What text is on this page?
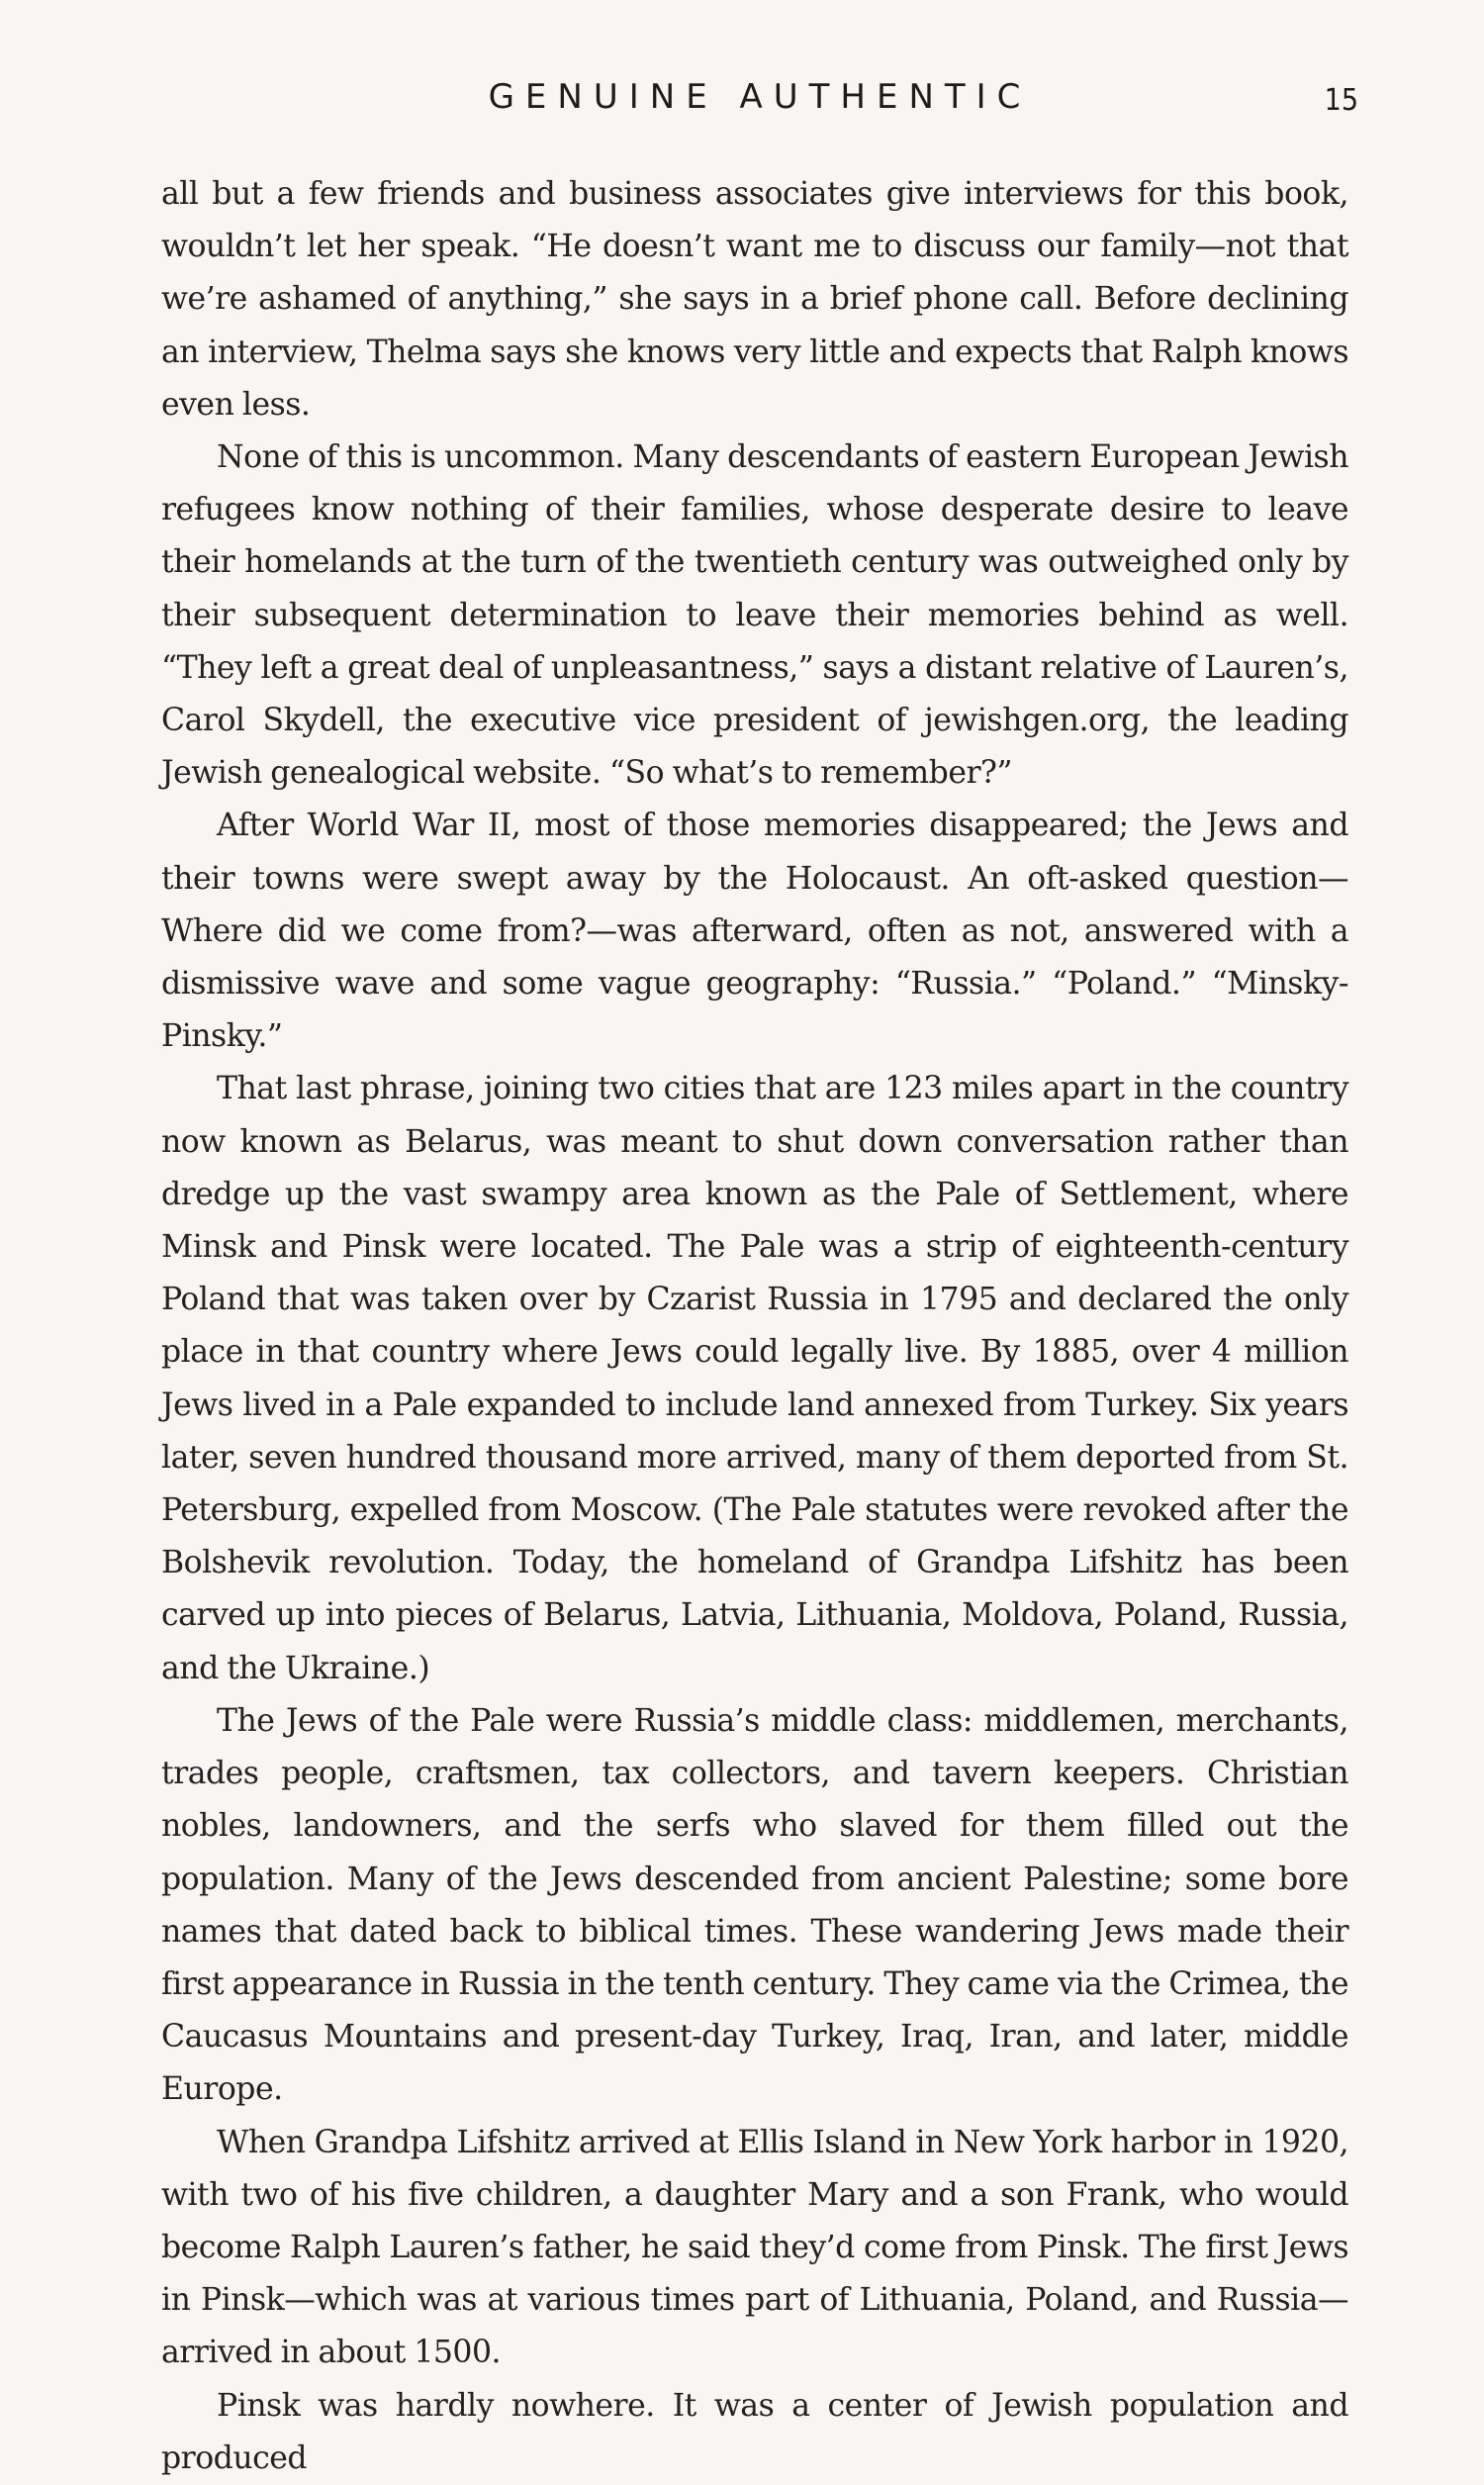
GENUINE AUTHENTIC	15

all but a few friends and business associates give interviews for this book, wouldn’t let her speak. “He doesn’t want me to discuss our family—not that we’re ashamed of anything,” she says in a brief phone call. Before declining an interview, Thelma says she knows very little and expects that Ralph knows even less.

None of this is uncommon. Many descendants of eastern European Jewish refugees know nothing of their families, whose desperate desire to leave their homelands at the turn of the twentieth century was outweighed only by their subsequent determination to leave their memories behind as well. “They left a great deal of unpleasantness,” says a distant relative of Lauren’s, Carol Skydell, the executive vice president of jewishgen.org, the leading Jewish genealogical website. “So what’s to remember?”

After World War II, most of those memories disappeared; the Jews and their towns were swept away by the Holocaust. An oft-asked question—Where did we come from?—was afterward, often as not, answered with a dismissive wave and some vague geography: “Russia.” “Poland.” “Minsky-Pinsky.”

That last phrase, joining two cities that are 123 miles apart in the country now known as Belarus, was meant to shut down conversation rather than dredge up the vast swampy area known as the Pale of Settlement, where Minsk and Pinsk were located. The Pale was a strip of eighteenth-century Poland that was taken over by Czarist Russia in 1795 and declared the only place in that country where Jews could legally live. By 1885, over 4 million Jews lived in a Pale expanded to include land annexed from Turkey. Six years later, seven hundred thousand more arrived, many of them deported from St. Petersburg, expelled from Moscow. (The Pale statutes were revoked after the Bolshevik revolution. Today, the homeland of Grandpa Lifshitz has been carved up into pieces of Belarus, Latvia, Lithuania, Moldova, Poland, Russia, and the Ukraine.)

The Jews of the Pale were Russia’s middle class: middlemen, merchants, trades people, craftsmen, tax collectors, and tavern keepers. Christian nobles, landowners, and the serfs who slaved for them filled out the population. Many of the Jews descended from ancient Palestine; some bore names that dated back to biblical times. These wandering Jews made their first appearance in Russia in the tenth century. They came via the Crimea, the Caucasus Mountains and present-day Turkey, Iraq, Iran, and later, middle Europe.

When Grandpa Lifshitz arrived at Ellis Island in New York harbor in 1920, with two of his five children, a daughter Mary and a son Frank, who would become Ralph Lauren’s father, he said they’d come from Pinsk. The first Jews in Pinsk—which was at various times part of Lithuania, Poland, and Russia—arrived in about 1500.

Pinsk was hardly nowhere. It was a center of Jewish population and produced
